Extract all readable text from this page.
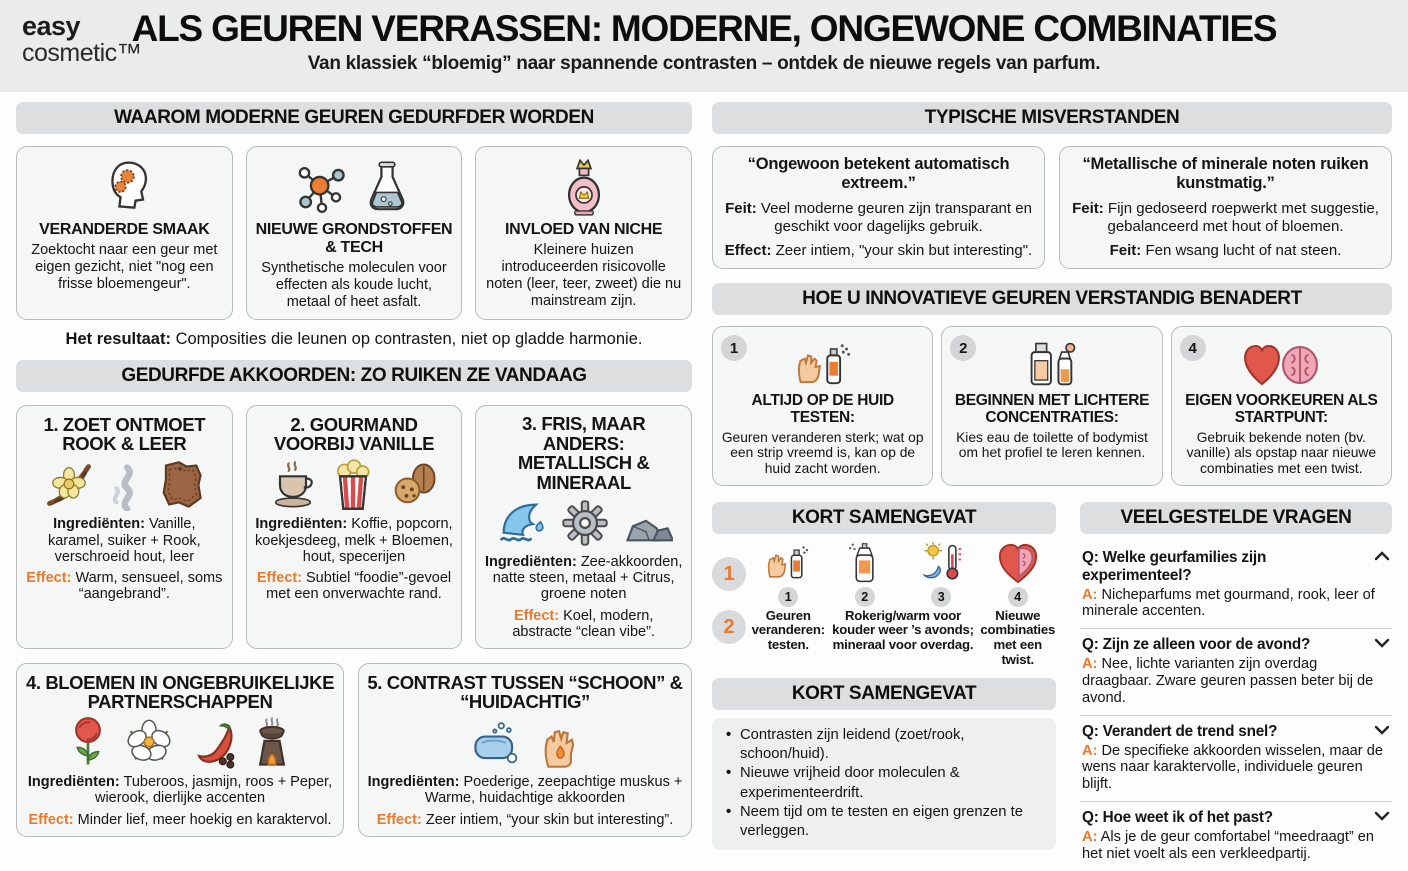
easy
cosmetic™
ALS GEUREN VERRASSEN: MODERNE, ONGEWONE COMBINATIES
Van klassiek “bloemig” naar spannende contrasten – ontdek de nieuwe regels van parfum.
WAAROM MODERNE GEUREN GEDURFDER WORDEN
VERANDERDE SMAAK
Zoektocht naar een geur met eigen gezicht, niet "nog een frisse bloemengeur".
NIEUWE GRONDSTOFFEN & TECH
Synthetische moleculen voor effecten als koude lucht, metaal of heet asfalt.
INVLOED VAN NICHE
Kleinere huizen introduceerden risicovolle noten (leer, teer, zweet) die nu mainstream zijn.
Het resultaat: Composities die leunen op contrasten, niet op gladde harmonie.
GEDURFDE AKKOORDEN: ZO RUIKEN ZE VANDAAG
1. ZOET ONTMOET ROOK & LEER
Ingrediënten: Vanille, karamel, suiker + Rook, verschroeid hout, leer
Effect: Warm, sensueel, soms “aangebrand”.
2. GOURMAND VOORBIJ VANILLE
Ingrediënten: Koffie, popcorn, koekjesdeeg, melk + Bloemen, hout, specerijen
Effect: Subtiel “foodie”-gevoel met een onverwachte rand.
3. FRIS, MAAR ANDERS: METALLISCH & MINERAAL
Ingrediënten: Zee-akkoorden, natte steen, metaal + Citrus, groene noten
Effect: Koel, modern, abstracte “clean vibe”.
4. BLOEMEN IN ONGEBRUIKELIJKE PARTNERSCHAPPEN
Ingrediënten: Tuberoos, jasmijn, roos + Peper, wierook, dierlijke accenten
Effect: Minder lief, meer hoekig en karaktervol.
5. CONTRAST TUSSEN “SCHOON” & “HUIDACHTIG”
Ingrediënten: Poederige, zeepachtige muskus + Warme, huidachtige akkoorden
Effect: Zeer intiem, “your skin but interesting”.
TYPISCHE MISVERSTANDEN
“Ongewoon betekent automatisch extreem.”
Feit: Veel moderne geuren zijn transparant en geschikt voor dagelijks gebruik.
Effect: Zeer intiem, "your skin but interesting".
“Metallische of minerale noten ruiken kunstmatig.”
Feit: Fijn gedoseerd roepwerkt met suggestie, gebalanceerd met hout of bloemen.
Feit: Fen wsang lucht of nat steen.
HOE U INNOVATIEVE GEUREN VERSTANDIG BENADERT
1
ALTIJD OP DE HUID TESTEN:
Geuren veranderen sterk; wat op een strip vreemd is, kan op de huid zacht worden.
2
BEGINNEN MET LICHTERE CONCENTRATIES:
Kies eau de toilette of bodymist om het profiel te leren kennen.
4
EIGEN VOORKEUREN ALS STARTPUNT:
Gebruik bekende noten (bv. vanille) als opstap naar nieuwe combinaties met een twist.
KORT SAMENGEVAT
1
2
1	2	3	4
Geuren veranderen: testen.
Rokerig/warm voor kouder weer ’s avonds; mineraal voor overdag.
Nieuwe combinaties met een twist.
KORT SAMENGEVAT
• Contrasten zijn leidend (zoet/rook, schoon/huid).
• Nieuwe vrijheid door moleculen & experimenteerdrift.
• Neem tijd om te testen en eigen grenzen te verleggen.
VEELGESTELDE VRAGEN
Q: Welke geurfamilies zijn experimenteel?
A: Nicheparfums met gourmand, rook, leer of minerale accenten.
Q: Zijn ze alleen voor de avond?
A: Nee, lichte varianten zijn overdag draagbaar. Zware geuren passen beter bij de avond.
Q: Verandert de trend snel?
A: De specifieke akkoorden wisselen, maar de wens naar karaktervolle, individuele geuren blijft.
Q: Hoe weet ik of het past?
A: Als je de geur comfortabel “meedraagt” en het niet voelt als een verkleedpartij.
